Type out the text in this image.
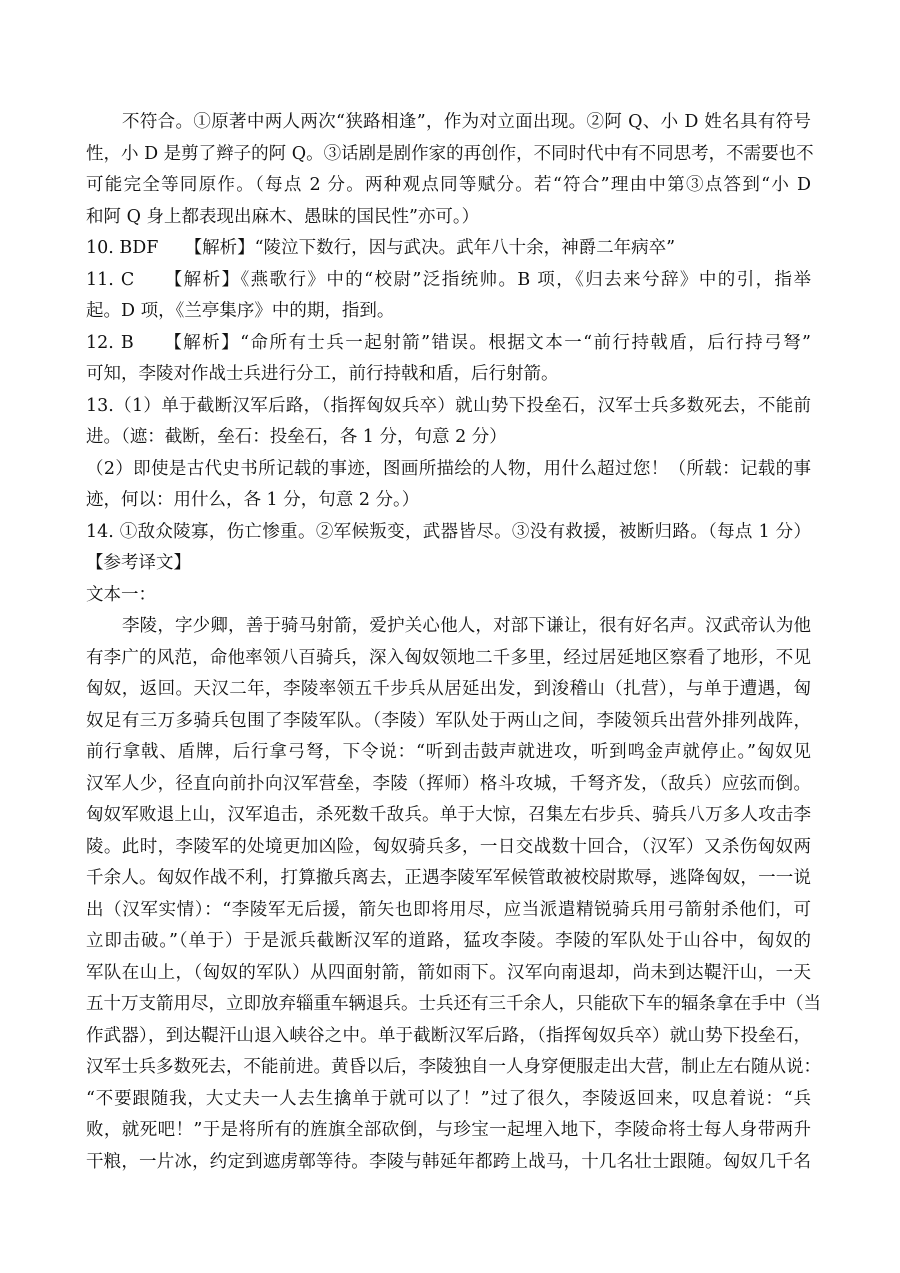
不符合。①原著中两人两次“狭路相逢”，作为对立面出现。②阿 Q、小 D 姓名具有符号
性，小 D 是剪了辫子的阿 Q。③话剧是剧作家的再创作，不同时代中有不同思考，不需要也不
可能完全等同原作。（每点 2 分。两种观点同等赋分。若“符合”理由中第③点答到“小 D
和阿 Q 身上都表现出麻木、愚昧的国民性”亦可。）
10. BDF　　【解析】“陵泣下数行，因与武决。武年八十余，神爵二年病卒”
11. C　　【解析】《燕歌行》中的“校尉”泛指统帅。B 项，《归去来兮辞》中的引，指举
起。D 项，《兰亭集序》中的期，指到。
12. B　　【解析】“命所有士兵一起射箭”错误。根据文本一“前行持戟盾，后行持弓弩”
可知，李陵对作战士兵进行分工，前行持戟和盾，后行射箭。
13.（1）单于截断汉军后路，（指挥匈奴兵卒）就山势下投垒石，汉军士兵多数死去，不能前
进。（遮：截断，垒石：投垒石，各 1 分，句意 2 分）
（2）即使是古代史书所记载的事迹，图画所描绘的人物，用什么超过您！（所载：记载的事
迹，何以：用什么，各 1 分，句意 2 分。）
14. ①敌众陵寡，伤亡惨重。②军候叛变，武器皆尽。③没有救援，被断归路。（每点 1 分）
【参考译文】
文本一：
李陵，字少卿，善于骑马射箭，爱护关心他人，对部下谦让，很有好名声。汉武帝认为他
有李广的风范，命他率领八百骑兵，深入匈奴领地二千多里，经过居延地区察看了地形，不见
匈奴，返回。天汉二年，李陵率领五千步兵从居延出发，到浚稽山（扎营），与单于遭遇，匈
奴足有三万多骑兵包围了李陵军队。（李陵）军队处于两山之间，李陵领兵出营外排列战阵，
前行拿戟、盾牌，后行拿弓弩，下令说：“听到击鼓声就进攻，听到鸣金声就停止。”匈奴见
汉军人少，径直向前扑向汉军营垒，李陵（挥师）格斗攻城，千弩齐发，（敌兵）应弦而倒。
匈奴军败退上山，汉军追击，杀死数千敌兵。单于大惊，召集左右步兵、骑兵八万多人攻击李
陵。此时，李陵军的处境更加凶险，匈奴骑兵多，一日交战数十回合，（汉军）又杀伤匈奴两
千余人。匈奴作战不利，打算撤兵离去，正遇李陵军军候管敢被校尉欺辱，逃降匈奴，一一说
出（汉军实情）：“李陵军无后援，箭矢也即将用尽，应当派遣精锐骑兵用弓箭射杀他们，可
立即击破。”（单于）于是派兵截断汉军的道路，猛攻李陵。李陵的军队处于山谷中，匈奴的
军队在山上，（匈奴的军队）从四面射箭，箭如雨下。汉军向南退却，尚未到达鞮汗山，一天
五十万支箭用尽，立即放弃辎重车辆退兵。士兵还有三千余人，只能砍下车的辐条拿在手中（当
作武器），到达鞮汗山退入峡谷之中。单于截断汉军后路，（指挥匈奴兵卒）就山势下投垒石，
汉军士兵多数死去，不能前进。黄昏以后，李陵独自一人身穿便服走出大营，制止左右随从说：
“不要跟随我，大丈夫一人去生擒单于就可以了！”过了很久，李陵返回来，叹息着说：“兵
败，就死吧！”于是将所有的旌旗全部砍倒，与珍宝一起埋入地下，李陵命将士每人身带两升
干粮，一片冰，约定到遮虏鄣等待。李陵与韩延年都跨上战马，十几名壮士跟随。匈奴几千名
